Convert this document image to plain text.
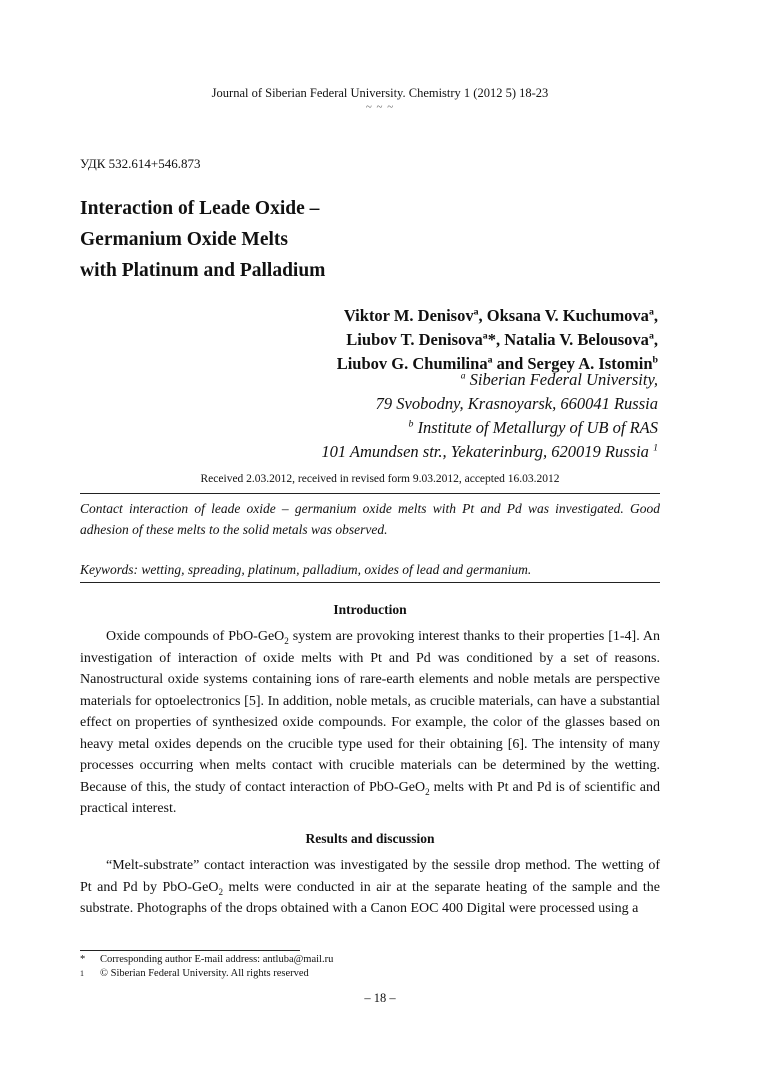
Journal of Siberian Federal University. Chemistry 1 (2012 5) 18-23
~ ~ ~
УДК 532.614+546.873
Interaction of Leade Oxide –
Germanium Oxide Melts
with Platinum and Palladium
Viktor M. Denisov$^a$, Oksana V. Kuchumova$^a$,
Liubov T. Denisova$^a$*, Natalia V. Belousova$^a$,
Liubov G. Chumilina$^a$ and Sergey A. Istomin$^b$
$^a$ Siberian Federal University,
79 Svobodny, Krasnoyarsk, 660041 Russia
$^b$ Institute of Metallurgy of UB of RAS
101 Amundsen str., Yekaterinburg, 620019 Russia $^1$
Received 2.03.2012, received in revised form 9.03.2012, accepted 16.03.2012
Contact interaction of leade oxide – germanium oxide melts with Pt and Pd was investigated. Good adhesion of these melts to the solid metals was observed.
Keywords: wetting, spreading, platinum, palladium, oxides of lead and germanium.
Introduction
Oxide compounds of PbO-GeO$_2$ system are provoking interest thanks to their properties [1-4]. An investigation of interaction of oxide melts with Pt and Pd was conditioned by a set of reasons. Nanostructural oxide systems containing ions of rare-earth elements and noble metals are perspective materials for optoelectronics [5]. In addition, noble metals, as crucible materials, can have a substantial effect on properties of synthesized oxide compounds. For example, the color of the glasses based on heavy metal oxides depends on the crucible type used for their obtaining [6]. The intensity of many processes occurring when melts contact with crucible materials can be determined by the wetting. Because of this, the study of contact interaction of PbO-GeO$_2$ melts with Pt and Pd is of scientific and practical interest.
Results and discussion
“Melt-substrate” contact interaction was investigated by the sessile drop method. The wetting of Pt and Pd by PbO-GeO$_2$ melts were conducted in air at the separate heating of the sample and the substrate. Photographs of the drops obtained with a Canon EOC 400 Digital were processed using a
* Corresponding author E-mail address: antluba@mail.ru
1 © Siberian Federal University. All rights reserved
– 18 –
